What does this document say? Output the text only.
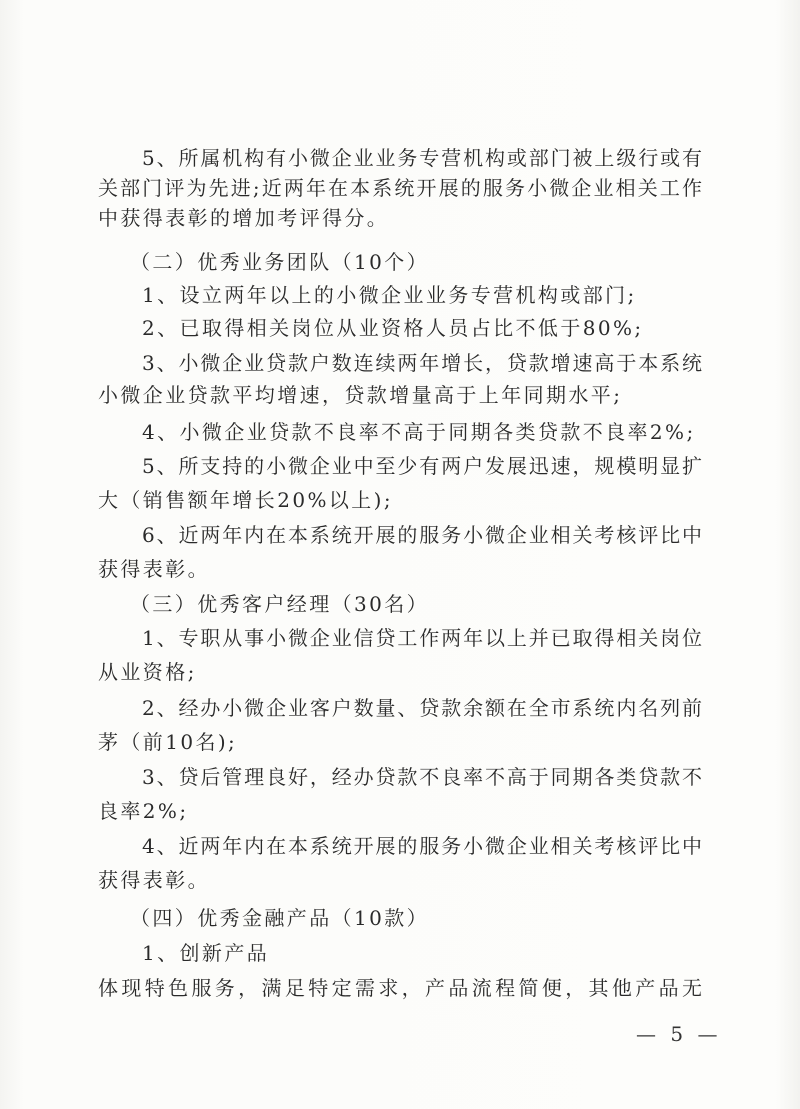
5、所属机构有小微企业业务专营机构或部门被上级行或有
关部门评为先进;近两年在本系统开展的服务小微企业相关工作
中获得表彰的增加考评得分。
（二）优秀业务团队（10个）
1、设立两年以上的小微企业业务专营机构或部门;
2、已取得相关岗位从业资格人员占比不低于80%;
3、小微企业贷款户数连续两年增长，贷款增速高于本系统
小微企业贷款平均增速，贷款增量高于上年同期水平;
4、小微企业贷款不良率不高于同期各类贷款不良率2%;
5、所支持的小微企业中至少有两户发展迅速，规模明显扩
大（销售额年增长20%以上);
6、近两年内在本系统开展的服务小微企业相关考核评比中
获得表彰。
（三）优秀客户经理（30名）
1、专职从事小微企业信贷工作两年以上并已取得相关岗位
从业资格;
2、经办小微企业客户数量、贷款余额在全市系统内名列前
茅（前10名);
3、贷后管理良好，经办贷款不良率不高于同期各类贷款不
良率2%;
4、近两年内在本系统开展的服务小微企业相关考核评比中
获得表彰。
（四）优秀金融产品（10款）
1、创新产品
体现特色服务，满足特定需求，产品流程简便，其他产品无
— 5 —
